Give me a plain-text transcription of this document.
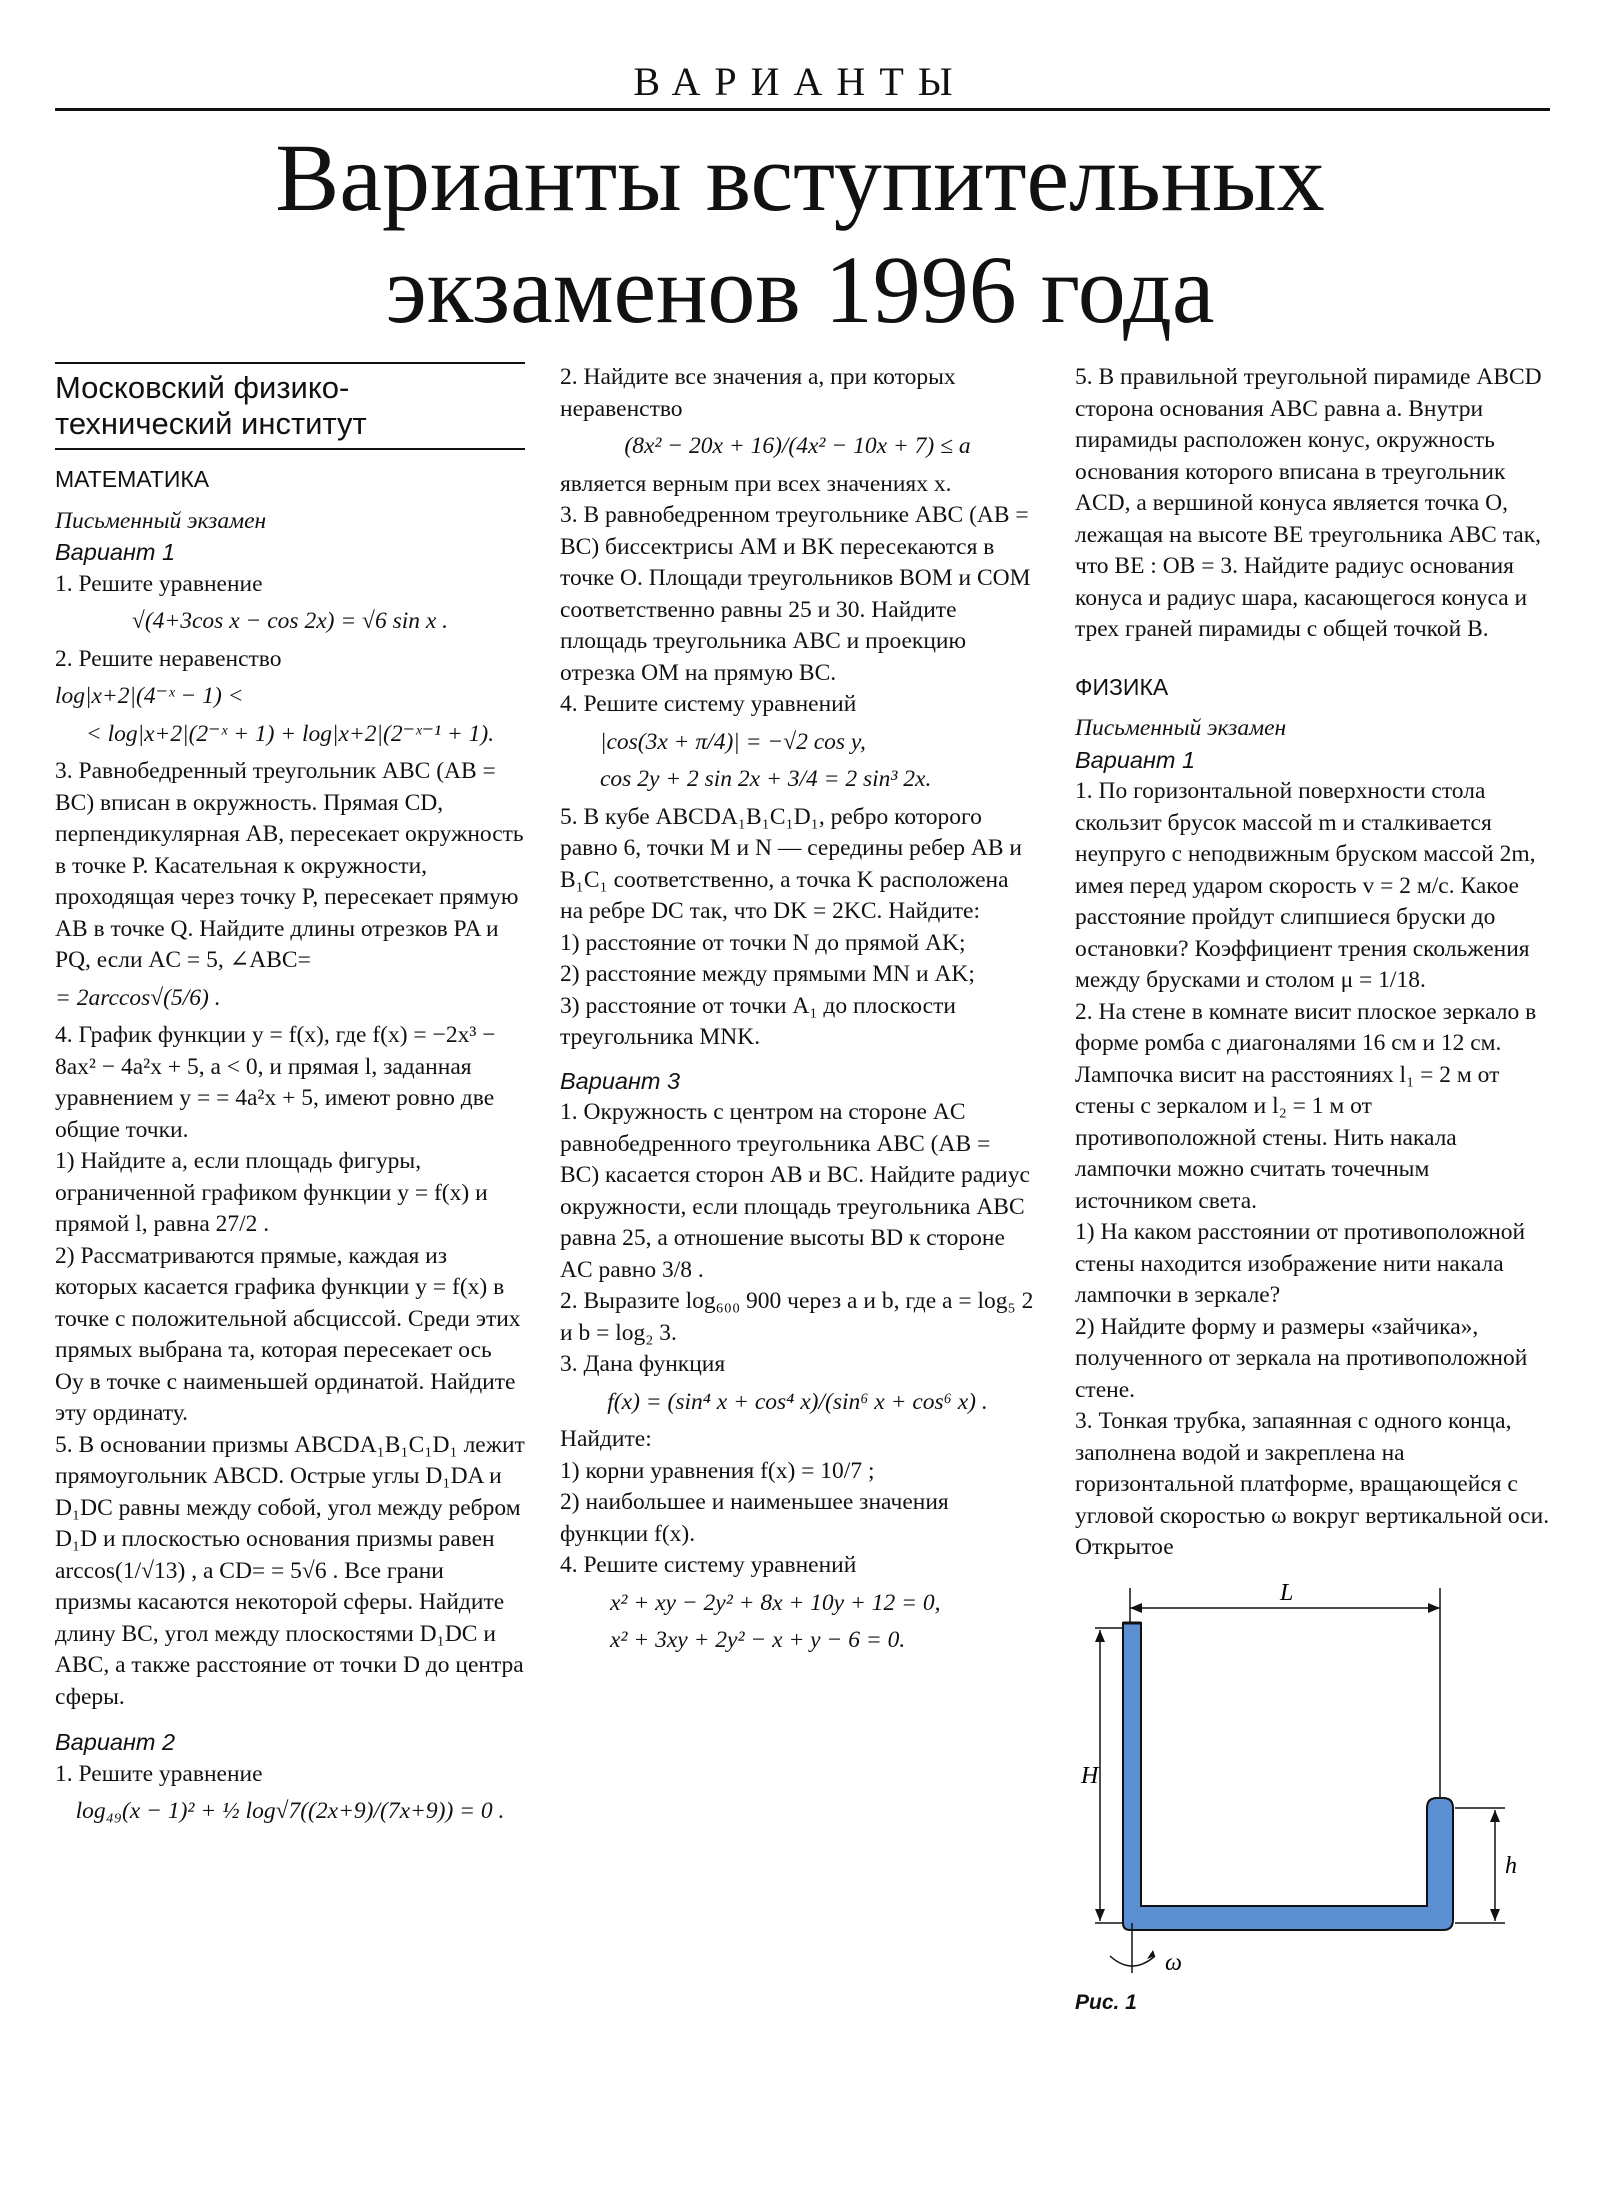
ВАРИАНТЫ
Варианты вступительных
экзаменов 1996 года
Московский физико-технический институт
МАТЕМАТИКА

Письменный экзамен

Вариант 1

1. Решите уравнение

√(4+3cos x − cos 2x) = √6 sin x .

2. Решите неравенство

log|x+2|(4⁻ˣ − 1) <

< log|x+2|(2⁻ˣ + 1) + log|x+2|(2⁻ˣ⁻¹ + 1).

3. Равнобедренный треугольник ABC (AB = BC) вписан в окружность. Прямая CD, перпендикулярная AB, пересекает окружность в точке P. Касательная к окружности, проходящая через точку P, пересекает прямую AB в точке Q. Найдите длины отрезков PA и PQ, если AC = 5, ∠ABC=

= 2arccos√(5/6) .

4. График функции y = f(x), где f(x) = −2x³ − 8ax² − 4a²x + 5, a < 0, и прямая l, заданная уравнением y = = 4a²x + 5, имеют ровно две общие точки.

1) Найдите a, если площадь фигуры, ограниченной графиком функции y = f(x) и прямой l, равна 27/2 .

2) Рассматриваются прямые, каждая из которых касается графика функции y = f(x) в точке с положительной абсциссой. Среди этих прямых выбрана та, которая пересекает ось Oy в точке с наименьшей ординатой. Найдите эту ординату.

5. В основании призмы ABCDA₁B₁C₁D₁ лежит прямоугольник ABCD. Острые углы D₁DA и D₁DC равны между собой, угол между ребром D₁D и плоскостью основания призмы равен arccos(1/√13) , а CD= = 5√6 . Все грани призмы касаются некоторой сферы. Найдите длину BC, угол между плоскостями D₁DC и ABC, а также расстояние от точки D до центра сферы.

Вариант 2

1. Решите уравнение

log₄₉(x − 1)² + ½ log√7((2x+9)/(7x+9)) = 0 .

2. Найдите все значения a, при которых неравенство

(8x² − 20x + 16)/(4x² − 10x + 7) ≤ a

является верным при всех значениях x.

3. В равнобедренном треугольнике ABC (AB = BC) биссектрисы AM и BK пересекаются в точке O. Площади треугольников BOM и COM соответственно равны 25 и 30. Найдите площадь треугольника ABC и проекцию отрезка OM на прямую BC.

4. Решите систему уравнений

|cos(3x + π/4)| = −√2 cos y,

cos 2y + 2 sin 2x + 3/4 = 2 sin³ 2x.

5. В кубе ABCDA₁B₁C₁D₁, ребро которого равно 6, точки M и N — середины ребер AB и B₁C₁ соответственно, а точка K расположена на ребре DC так, что DK = 2KC. Найдите:

1) расстояние от точки N до прямой AK;

2) расстояние между прямыми MN и AK;

3) расстояние от точки A₁ до плоскости треугольника MNK.

Вариант 3

1. Окружность с центром на стороне AC равнобедренного треугольника ABC (AB = BC) касается сторон AB и BC. Найдите радиус окружности, если площадь треугольника ABC равна 25, а отношение высоты BD к стороне AC равно 3/8 .

2. Выразите log₆₀₀ 900 через a и b, где a = log₅ 2 и b = log₂ 3.

3. Дана функция

f(x) = (sin⁴ x + cos⁴ x)/(sin⁶ x + cos⁶ x) .

Найдите:

1) корни уравнения f(x) = 10/7 ;

2) наибольшее и наименьшее значения функции f(x).

4. Решите систему уравнений

x² + xy − 2y² + 8x + 10y + 12 = 0,

x² + 3xy + 2y² − x + y − 6 = 0.

5. В правильной треугольной пирамиде ABCD сторона основания ABC равна a. Внутри пирамиды расположен конус, окружность основания которого вписана в треугольник ACD, а вершиной конуса является точка O, лежащая на высоте BE треугольника ABC так, что BE : OB = 3. Найдите радиус основания конуса и радиус шара, касающегося конуса и трех граней пирамиды с общей точкой B.

ФИЗИКА

Письменный экзамен

Вариант 1

1. По горизонтальной поверхности стола скользит брусок массой m и сталкивается неупруго с неподвижным бруском массой 2m, имея перед ударом скорость v = 2 м/с. Какое расстояние пройдут слипшиеся бруски до остановки? Коэффициент трения скольжения между брусками и столом μ = 1/18.

2. На стене в комнате висит плоское зеркало в форме ромба с диагоналями 16 см и 12 см. Лампочка висит на расстояниях l₁ = 2 м от стены с зеркалом и l₂ = 1 м от противоположной стены. Нить накала лампочки можно считать точечным источником света.

1) На каком расстоянии от противоположной стены находится изображение нити накала лампочки в зеркале?

2) Найдите форму и размеры «зайчика», полученного от зеркала на противоположной стене.

3. Тонкая трубка, запаянная с одного конца, заполнена водой и закреплена на горизонтальной платформе, вращающейся с угловой скоростью ω вокруг вертикальной оси. Открытое

L
H
h
ω
Рис. 1
